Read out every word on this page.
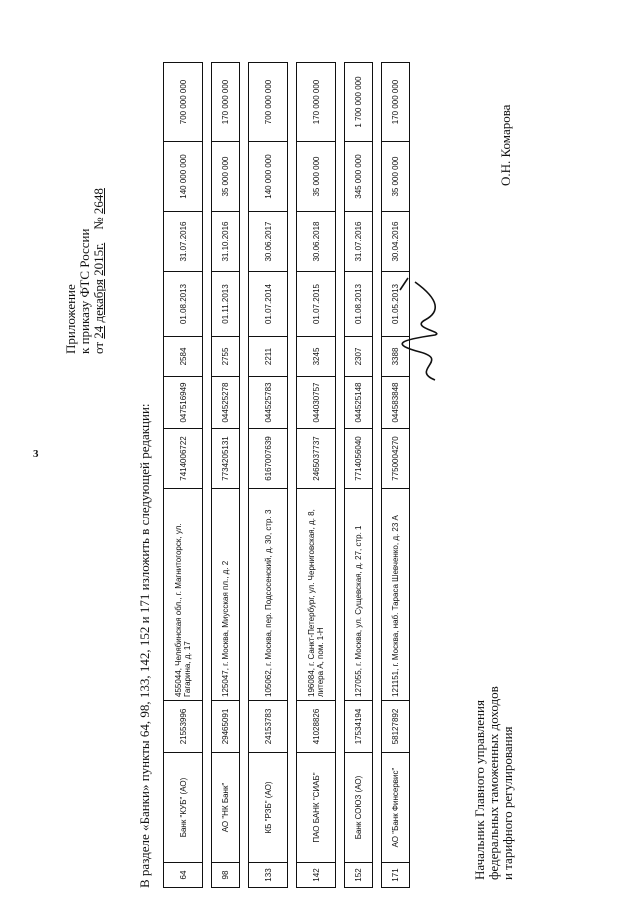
3
Приложение к приказу ФТС России от 24 декабря 2015г.    № 2648
В разделе «Банки» пункты 64, 98, 133, 142, 152 и 171 изложить в следующей редакции:	64
Банк "КУБ" (АО)
21553996
455044, Челябинская обл., г. Магнитогорск, ул. Гагарина, д. 17
7414006722
047516949
2584
01.08.2013
31.07.2016
140 000 000
700 000 000
98
АО "НК Банк"
29465091
125047, г. Москва, Миусская пл., д. 2
7734205131
044525278
2755
01.11.2013
31.10.2016
35 000 000
170 000 000
133
КБ "РЗБ" (АО)
24153783
105062, г. Москва, пер. Подсосенский, д. 30, стр. 3
6167007639
044525783
2211
01.07.2014
30.06.2017
140 000 000
700 000 000
142
ПАО БАНК "СИАБ"
41028826
196084, г. Санкт-Петербург, ул. Черниговская, д. 8, литера А, пом. 1-Н
2465037737
044030757
3245
01.07.2015
30.06.2018
35 000 000
170 000 000
152
Банк СОЮЗ (АО)
17534194
127055, г. Москва, ул. Сущевская, д. 27, стр. 1
7714056040
044525148
2307
01.08.2013
31.07.2016
345 000 000
1 700 000 000
171
АО "Банк Финсервис"
58127892
121151, г. Москва, наб. Тараса Шевченко, д. 23 А
7750004270
044583848
3388
01.05.2013
30.04.2016
35 000 000
170 000 000
Начальник Главного управления федеральных таможенных доходов и тарифного регулирования
О.Н. Комарова
